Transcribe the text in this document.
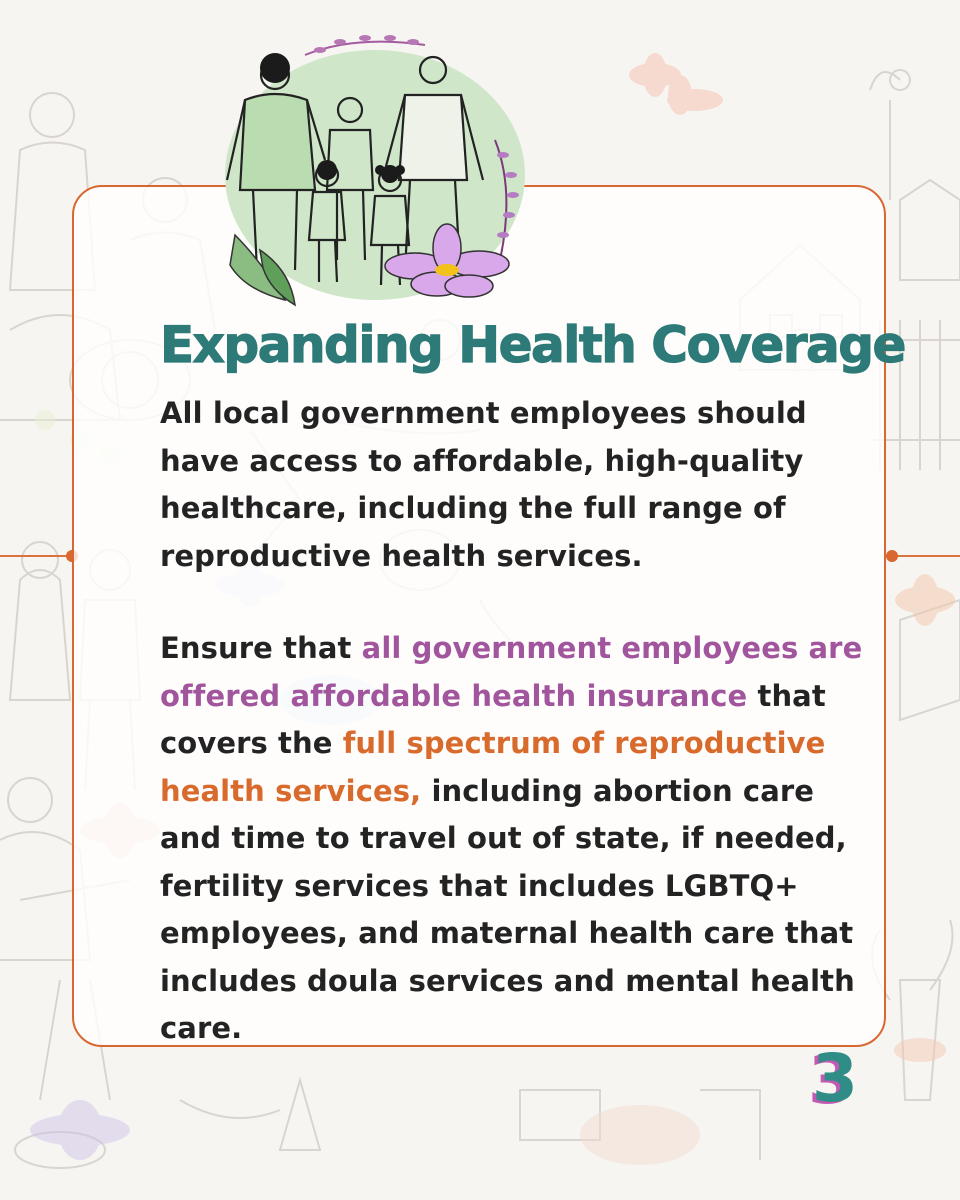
Expanding Health Coverage
All local government employees should have access to affordable, high-quality healthcare, including the full range of reproductive health services.
Ensure that all government employees are offered affordable health insurance that covers the full spectrum of reproductive health services, including abortion care and time to travel out of state, if needed, fertility services that includes LGBTQ+ employees, and maternal health care that includes doula services and mental health care.
3
